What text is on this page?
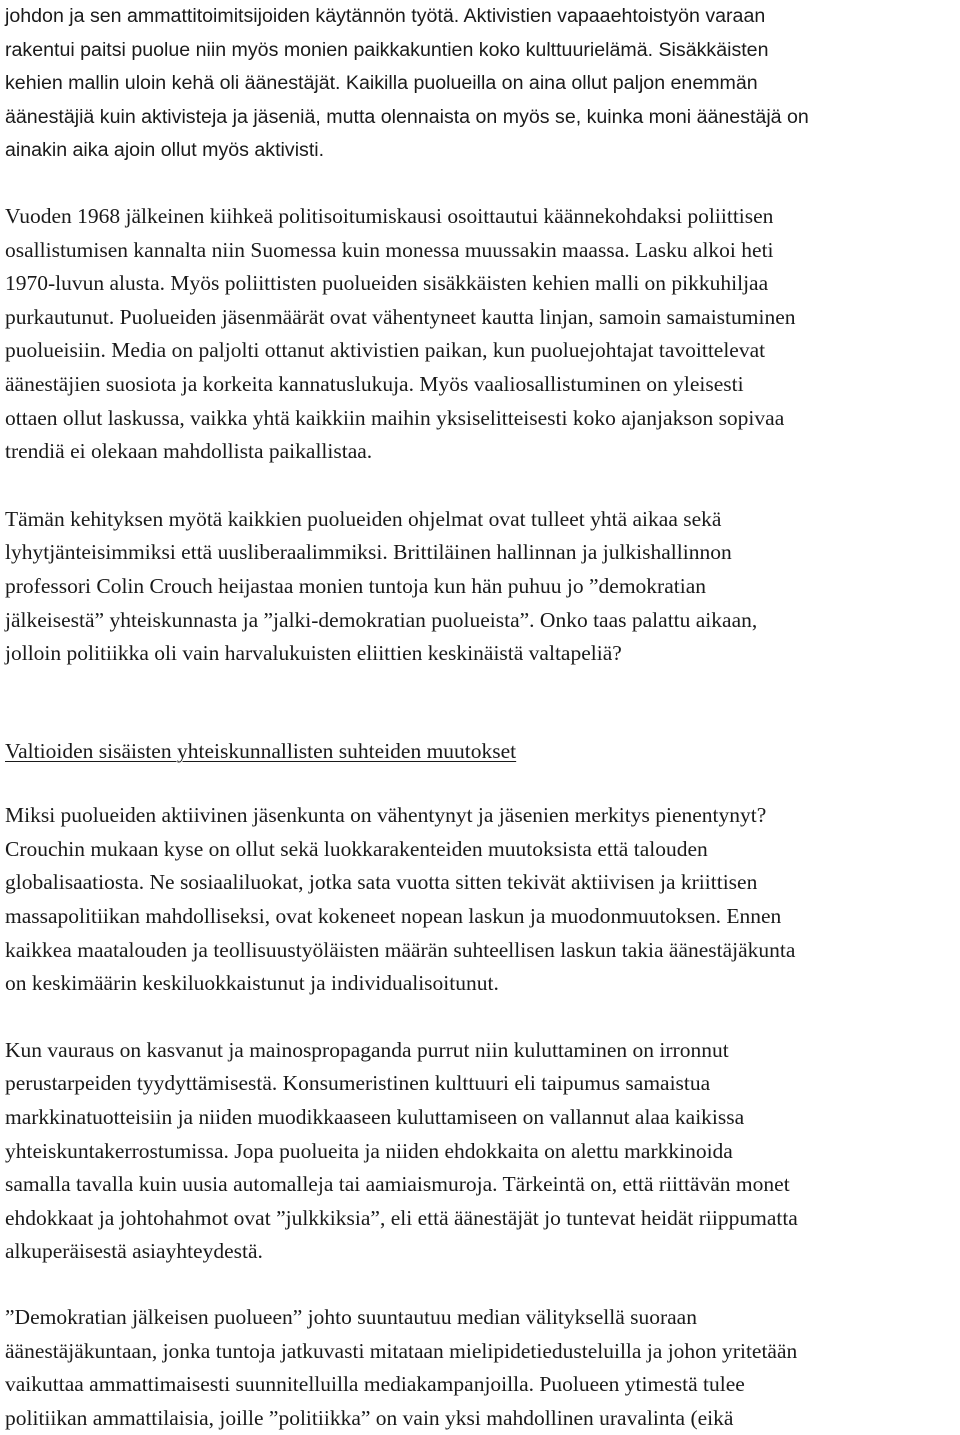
johdon ja sen ammattitoimitsijoiden käytännön työtä. Aktivistien vapaaehtoistyön varaan
rakentui paitsi puolue niin myös monien paikkakuntien koko kulttuurielämä. Sisäkkäisten
kehien mallin uloin kehä oli äänestäjät. Kaikilla puolueilla on aina ollut paljon enemmän
äänestäjiä kuin aktivisteja ja jäseniä, mutta olennaista on myös se, kuinka moni äänestäjä on
ainakin aika ajoin ollut myös aktivisti.
Vuoden 1968 jälkeinen kiihkeä politisoitumiskausi osoittautui käännekohdaksi poliittisen
osallistumisen kannalta niin Suomessa kuin monessa muussakin maassa. Lasku alkoi heti
1970-luvun alusta. Myös poliittisten puolueiden sisäkkäisten kehien malli on pikkuhiljaa
purkautunut. Puolueiden jäsenmäärät ovat vähentyneet kautta linjan, samoin samaistuminen
puolueisiin. Media on paljolti ottanut aktivistien paikan, kun puoluejohtajat tavoittelevat
äänestäjien suosiota ja korkeita kannatuslukuja. Myös vaaliosallistuminen on yleisesti
ottaen ollut laskussa, vaikka yhtä kaikkiin maihin yksiselitteisesti koko ajanjakson sopivaa
trendiä ei olekaan mahdollista paikallistaa.
Tämän kehityksen myötä kaikkien puolueiden ohjelmat ovat tulleet yhtä aikaa sekä
lyhytjänteisimmiksi että uusliberaalimmiksi. Brittiläinen hallinnan ja julkishallinnon
professori Colin Crouch heijastaa monien tuntoja kun hän puhuu jo ”demokratian
jälkeisestä” yhteiskunnasta ja ”jalki-demokratian puolueista”. Onko taas palattu aikaan,
jolloin politiikka oli vain harvalukuisten eliittien keskinäistä valtapeliä?
Valtioiden sisäisten yhteiskunnallisten suhteiden muutokset
Miksi puolueiden aktiivinen jäsenkunta on vähentynyt ja jäsenien merkitys pienentynyt?
Crouchin mukaan kyse on ollut sekä luokkarakenteiden muutoksista että talouden
globalisaatiosta. Ne sosiaaliluokat, jotka sata vuotta sitten tekivät aktiivisen ja kriittisen
massapolitiikan mahdolliseksi, ovat kokeneet nopean laskun ja muodonmuutoksen. Ennen
kaikkea maatalouden ja teollisuustyöläisten määrän suhteellisen laskun takia äänestäjäkunta
on keskimäärin keskiluokkaistunut ja individualisoitunut.
Kun vauraus on kasvanut ja mainospropaganda purrut niin kuluttaminen on irronnut
perustarpeiden tyydyttämisestä. Konsumeristinen kulttuuri eli taipumus samaistua
markkinatuotteisiin ja niiden muodikkaaseen kuluttamiseen on vallannut alaa kaikissa
yhteiskuntakerrostumissa. Jopa puolueita ja niiden ehdokkaita on alettu markkinoida
samalla tavalla kuin uusia automalleja tai aamiaismuroja. Tärkeintä on, että riittävän monet
ehdokkaat ja johtohahmot ovat ”julkkiksia”, eli että äänestäjät jo tuntevat heidät riippumatta
alkuperäisestä asiayhteydestä.
”Demokratian jälkeisen puolueen” johto suuntautuu median välityksellä suoraan
äänestäjäkuntaan, jonka tuntoja jatkuvasti mitataan mielipidetiedusteluilla ja johon yritetään
vaikuttaa ammattimaisesti suunnitelluilla mediakampanjoilla. Puolueen ytimestä tulee
politiikan ammattilaisia, joille ”politiikka” on vain yksi mahdollinen uravalinta (eikä
